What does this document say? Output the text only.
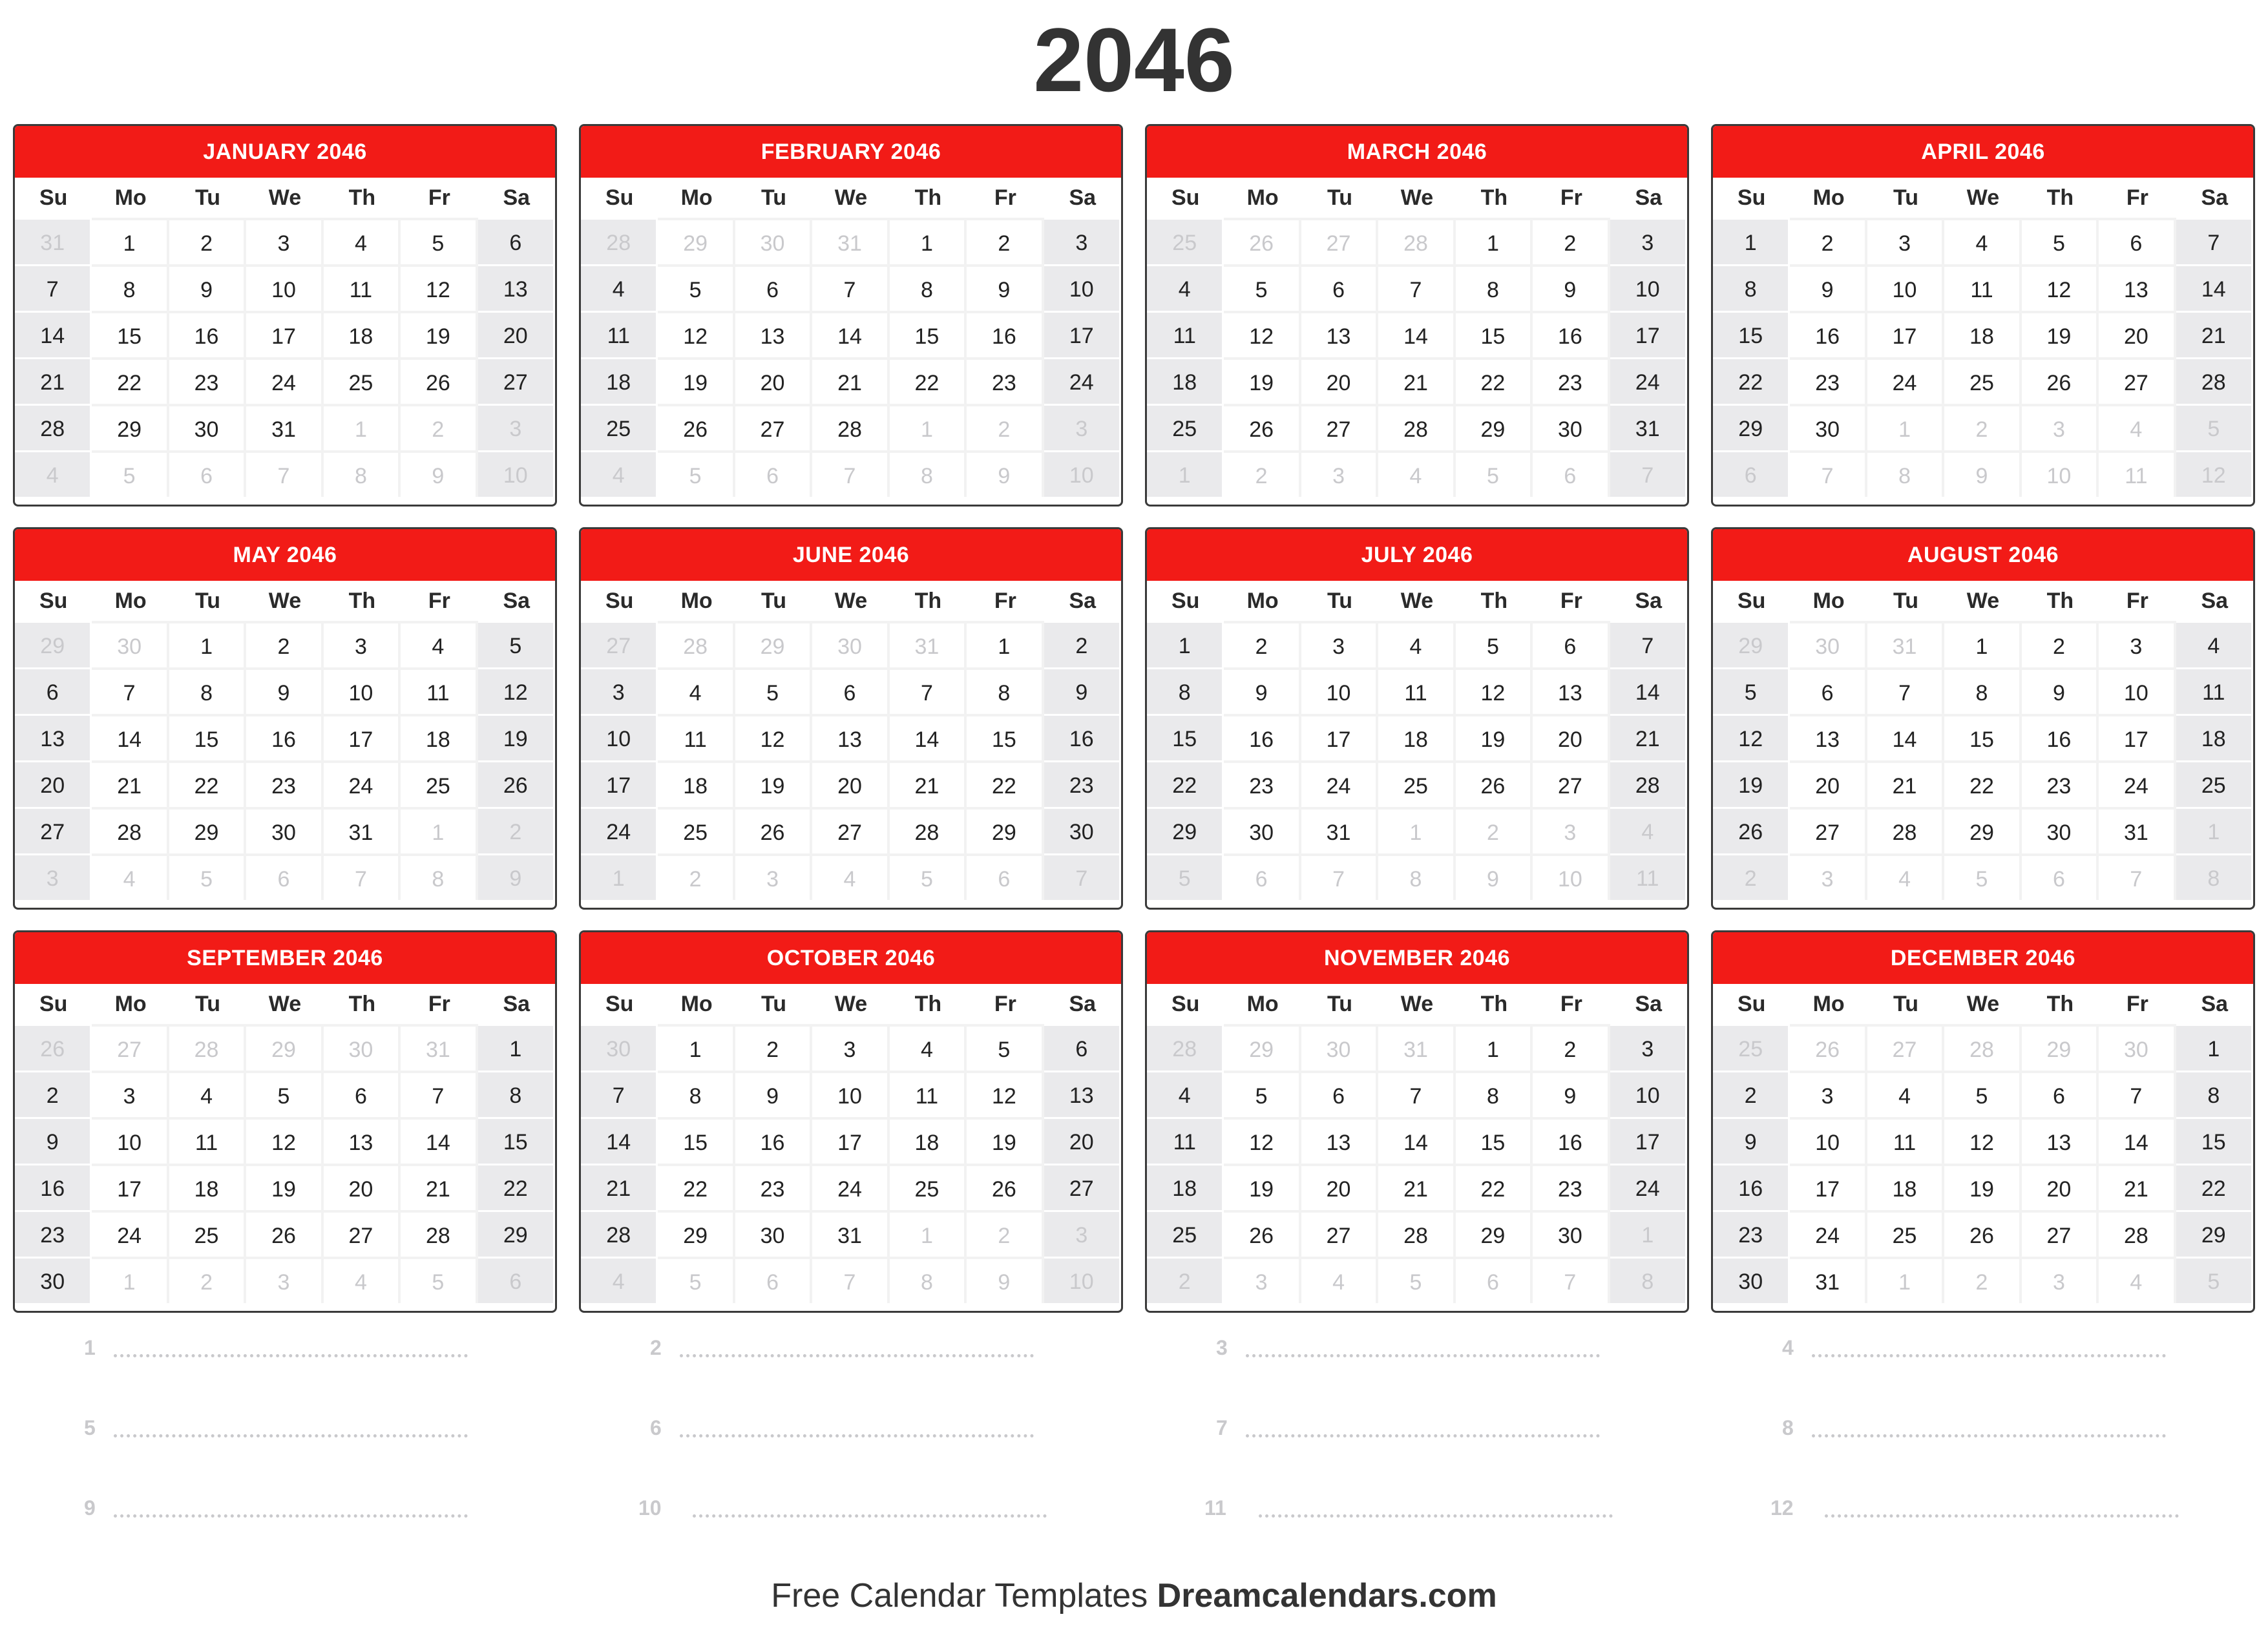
2046
JANUARY 2046
Su	Mo	Tu	We	Th	Fr	Sa
31	1	2	3	4	5	6
7	8	9	10	11	12	13
14	15	16	17	18	19	20
21	22	23	24	25	26	27
28	29	30	31	1	2	3
4	5	6	7	8	9	10
FEBRUARY 2046
Su	Mo	Tu	We	Th	Fr	Sa
28	29	30	31	1	2	3
4	5	6	7	8	9	10
11	12	13	14	15	16	17
18	19	20	21	22	23	24
25	26	27	28	1	2	3
4	5	6	7	8	9	10
MARCH 2046
Su	Mo	Tu	We	Th	Fr	Sa
25	26	27	28	1	2	3
4	5	6	7	8	9	10
11	12	13	14	15	16	17
18	19	20	21	22	23	24
25	26	27	28	29	30	31
1	2	3	4	5	6	7
APRIL 2046
Su	Mo	Tu	We	Th	Fr	Sa
1	2	3	4	5	6	7
8	9	10	11	12	13	14
15	16	17	18	19	20	21
22	23	24	25	26	27	28
29	30	1	2	3	4	5
6	7	8	9	10	11	12
MAY 2046
Su	Mo	Tu	We	Th	Fr	Sa
29	30	1	2	3	4	5
6	7	8	9	10	11	12
13	14	15	16	17	18	19
20	21	22	23	24	25	26
27	28	29	30	31	1	2
3	4	5	6	7	8	9
JUNE 2046
Su	Mo	Tu	We	Th	Fr	Sa
27	28	29	30	31	1	2
3	4	5	6	7	8	9
10	11	12	13	14	15	16
17	18	19	20	21	22	23
24	25	26	27	28	29	30
1	2	3	4	5	6	7
JULY 2046
Su	Mo	Tu	We	Th	Fr	Sa
1	2	3	4	5	6	7
8	9	10	11	12	13	14
15	16	17	18	19	20	21
22	23	24	25	26	27	28
29	30	31	1	2	3	4
5	6	7	8	9	10	11
AUGUST 2046
Su	Mo	Tu	We	Th	Fr	Sa
29	30	31	1	2	3	4
5	6	7	8	9	10	11
12	13	14	15	16	17	18
19	20	21	22	23	24	25
26	27	28	29	30	31	1
2	3	4	5	6	7	8
SEPTEMBER 2046
Su	Mo	Tu	We	Th	Fr	Sa
26	27	28	29	30	31	1
2	3	4	5	6	7	8
9	10	11	12	13	14	15
16	17	18	19	20	21	22
23	24	25	26	27	28	29
30	1	2	3	4	5	6
OCTOBER 2046
Su	Mo	Tu	We	Th	Fr	Sa
30	1	2	3	4	5	6
7	8	9	10	11	12	13
14	15	16	17	18	19	20
21	22	23	24	25	26	27
28	29	30	31	1	2	3
4	5	6	7	8	9	10
NOVEMBER 2046
Su	Mo	Tu	We	Th	Fr	Sa
28	29	30	31	1	2	3
4	5	6	7	8	9	10
11	12	13	14	15	16	17
18	19	20	21	22	23	24
25	26	27	28	29	30	1
2	3	4	5	6	7	8
DECEMBER 2046
Su	Mo	Tu	We	Th	Fr	Sa
25	26	27	28	29	30	1
2	3	4	5	6	7	8
9	10	11	12	13	14	15
16	17	18	19	20	21	22
23	24	25	26	27	28	29
30	31	1	2	3	4	5
1	2	3	4
5	6	7	8
9	10	11	12
Free Calendar Templates Dreamcalendars.com
